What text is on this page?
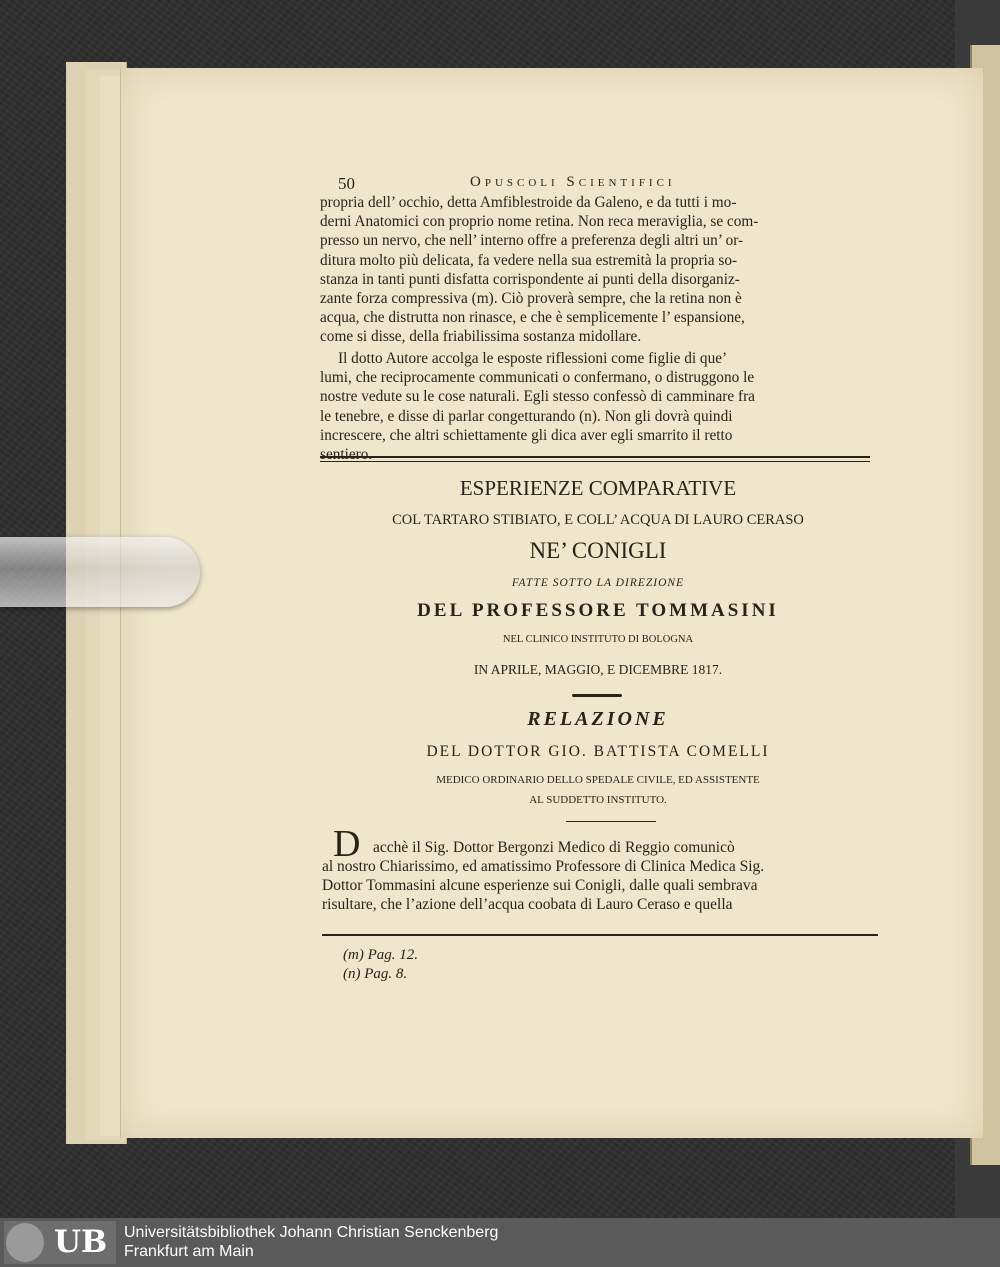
50	Opuscoli Scientifici

propria dell’ occhio, detta Amfiblestroide da Galeno, e da tutti i mo-

derni Anatomici con proprio nome retina. Non reca meraviglia, se com-

presso un nervo, che nell’ interno offre a preferenza degli altri un’ or-

ditura molto più delicata, fa vedere nella sua estremità la propria so-

stanza in tanti punti disfatta corrispondente ai punti della disorganiz-

zante forza compressiva (m). Ciò proverà sempre, che la retina non è

acqua, che distrutta non rinasce, e che è semplicemente l’ espansione,

come si disse, della friabilissima sostanza midollare.

Il dotto Autore accolga le esposte riflessioni come figlie di que’

lumi, che reciprocamente communicati o confermano, o distruggono le

nostre vedute su le cose naturali. Egli stesso confessò di camminare fra

le tenebre, e disse di parlar congetturando (n). Non gli dovrà quindi

increscere, che altri schiettamente gli dica aver egli smarrito il retto

sentiero.

ESPERIENZE COMPARATIVE
COL TARTARO STIBIATO, E COLL’ ACQUA DI LAURO CERASO
NE’ CONIGLI
FATTE SOTTO LA DIREZIONE
DEL PROFESSORE TOMMASINI
NEL CLINICO INSTITUTO DI BOLOGNA
IN APRILE, MAGGIO, E DICEMBRE 1817.
RELAZIONE
DEL DOTTOR GIO. BATTISTA COMELLI
MEDICO ORDINARIO DELLO SPEDALE CIVILE, ED ASSISTENTE
AL SUDDETTO INSTITUTO.
D acchè il Sig. Dottor Bergonzi Medico di Reggio comunicò

al nostro Chiarissimo, ed amatissimo Professore di Clinica Medica Sig.

Dottor Tommasini alcune esperienze sui Conigli, dalle quali sembrava

risultare, che l’azione dell’acqua coobata di Lauro Ceraso e quella

(m) Pag. 12.
(n) Pag. 8.
UB Universitätsbibliothek Johann Christian Senckenberg
Frankfurt am Main
